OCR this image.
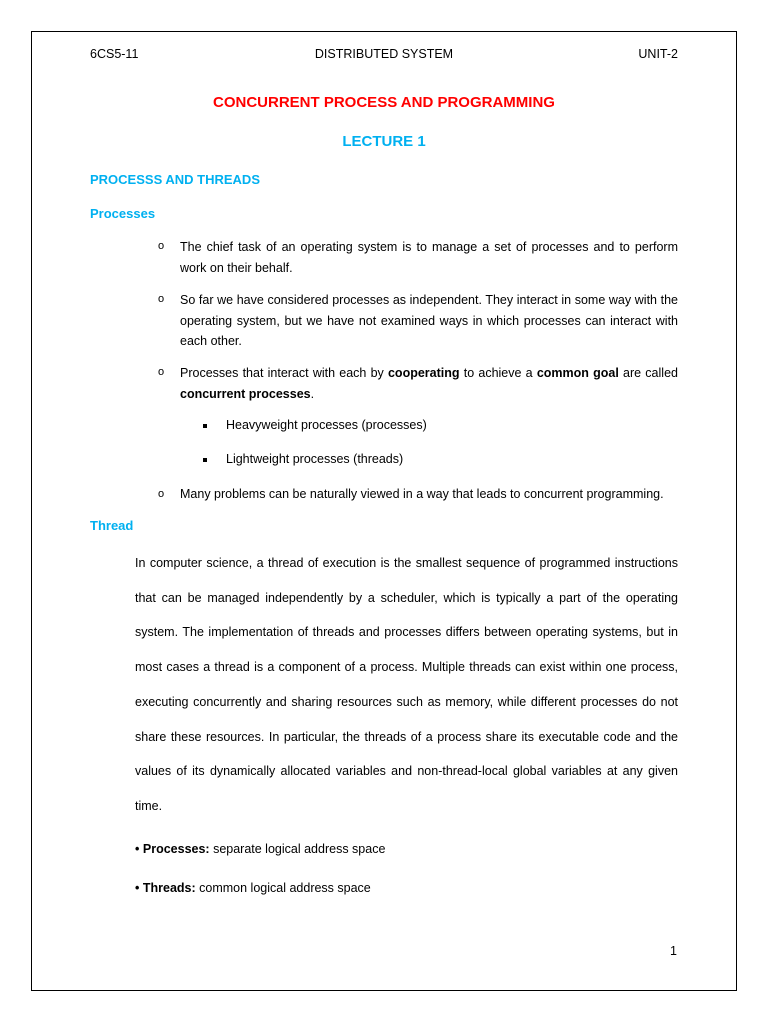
6CS5-11	DISTRIBUTED SYSTEM	UNIT-2
CONCURRENT PROCESS AND PROGRAMMING
LECTURE 1
PROCESSS AND THREADS
Processes
o The chief task of an operating system is to manage a set of processes and to perform work on their behalf.
o So far we have considered processes as independent. They interact in some way with the operating system, but we have not examined ways in which processes can interact with each other.
o Processes that interact with each by cooperating to achieve a common goal are called concurrent processes.
Heavyweight processes (processes)
Lightweight processes (threads)
o Many problems can be naturally viewed in a way that leads to concurrent programming.
Thread
In computer science, a thread of execution is the smallest sequence of programmed instructions that can be managed independently by a scheduler, which is typically a part of the operating system. The implementation of threads and processes differs between operating systems, but in most cases a thread is a component of a process. Multiple threads can exist within one process, executing concurrently and sharing resources such as memory, while different processes do not share these resources. In particular, the threads of a process share its executable code and the values of its dynamically allocated variables and non-thread-local global variables at any given time.
• Processes: separate logical address space
• Threads: common logical address space
1
